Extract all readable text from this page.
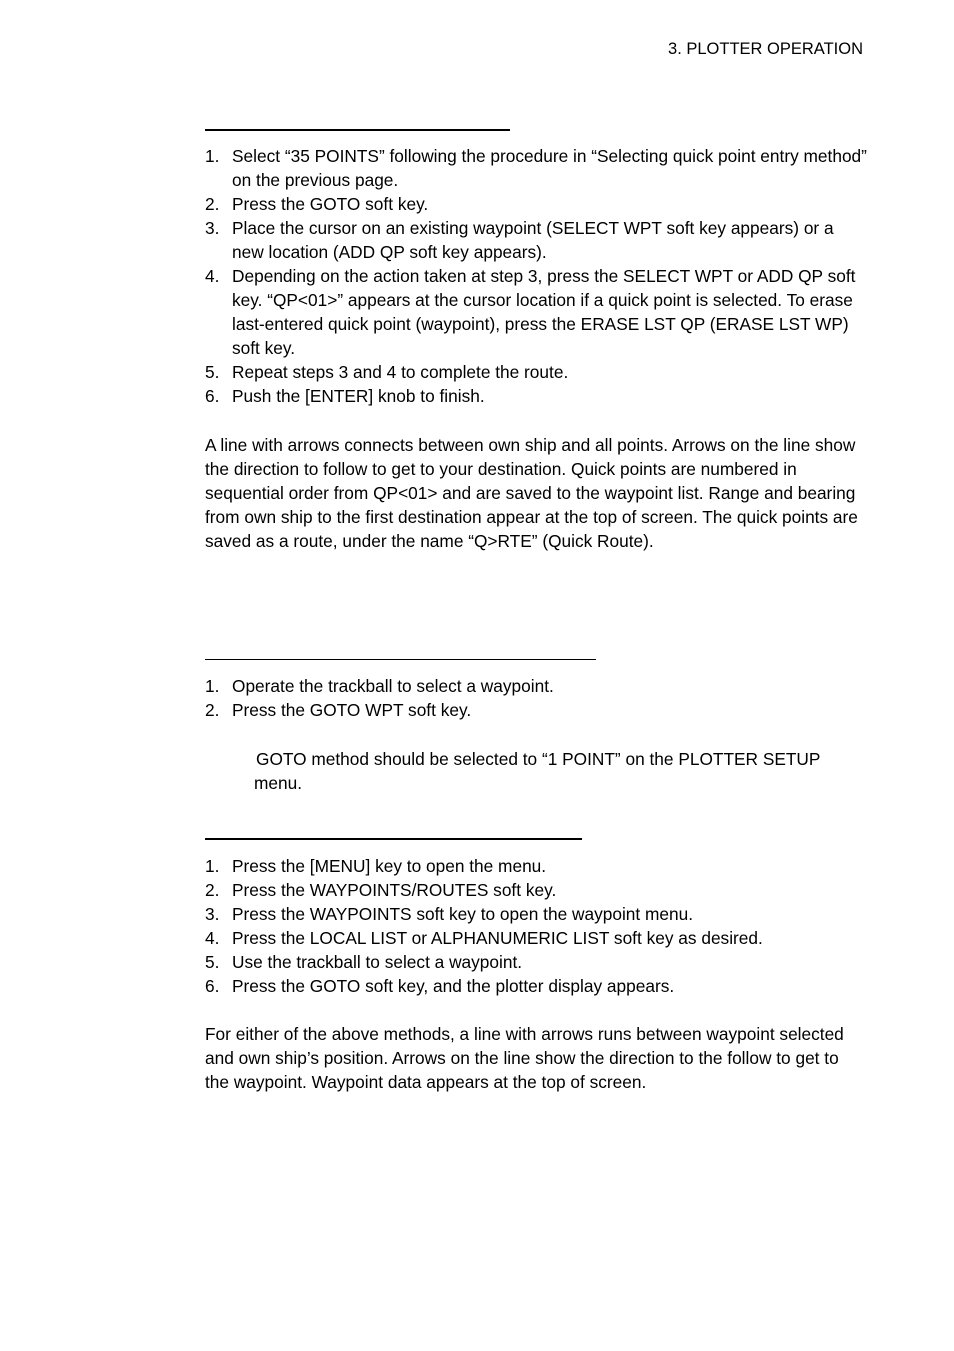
3. PLOTTER OPERATION
1. Select “35 POINTS” following the procedure in “Selecting quick point entry method” on the previous page.
2. Press the GOTO soft key.
3. Place the cursor on an existing waypoint (SELECT WPT soft key appears) or a new location (ADD QP soft key appears).
4. Depending on the action taken at step 3, press the SELECT WPT or ADD QP soft key. “QP<01>” appears at the cursor location if a quick point is selected. To erase last-entered quick point (waypoint), press the ERASE LST QP (ERASE LST WP) soft key.
5. Repeat steps 3 and 4 to complete the route.
6. Push the [ENTER] knob to finish.

A line with arrows connects between own ship and all points. Arrows on the line show the direction to follow to get to your destination. Quick points are numbered in sequential order from QP<01> and are saved to the waypoint list. Range and bearing from own ship to the first destination appear at the top of screen. The quick points are saved as a route, under the name “Q>RTE” (Quick Route).

1. Operate the trackball to select a waypoint.
2. Press the GOTO WPT soft key.

GOTO method should be selected to “1 POINT” on the PLOTTER SETUP menu.

1. Press the [MENU] key to open the menu.
2. Press the WAYPOINTS/ROUTES soft key.
3. Press the WAYPOINTS soft key to open the waypoint menu.
4. Press the LOCAL LIST or ALPHANUMERIC LIST soft key as desired.
5. Use the trackball to select a waypoint.
6. Press the GOTO soft key, and the plotter display appears.

For either of the above methods, a line with arrows runs between waypoint selected and own ship’s position. Arrows on the line show the direction to the follow to get to the waypoint. Waypoint data appears at the top of screen.
